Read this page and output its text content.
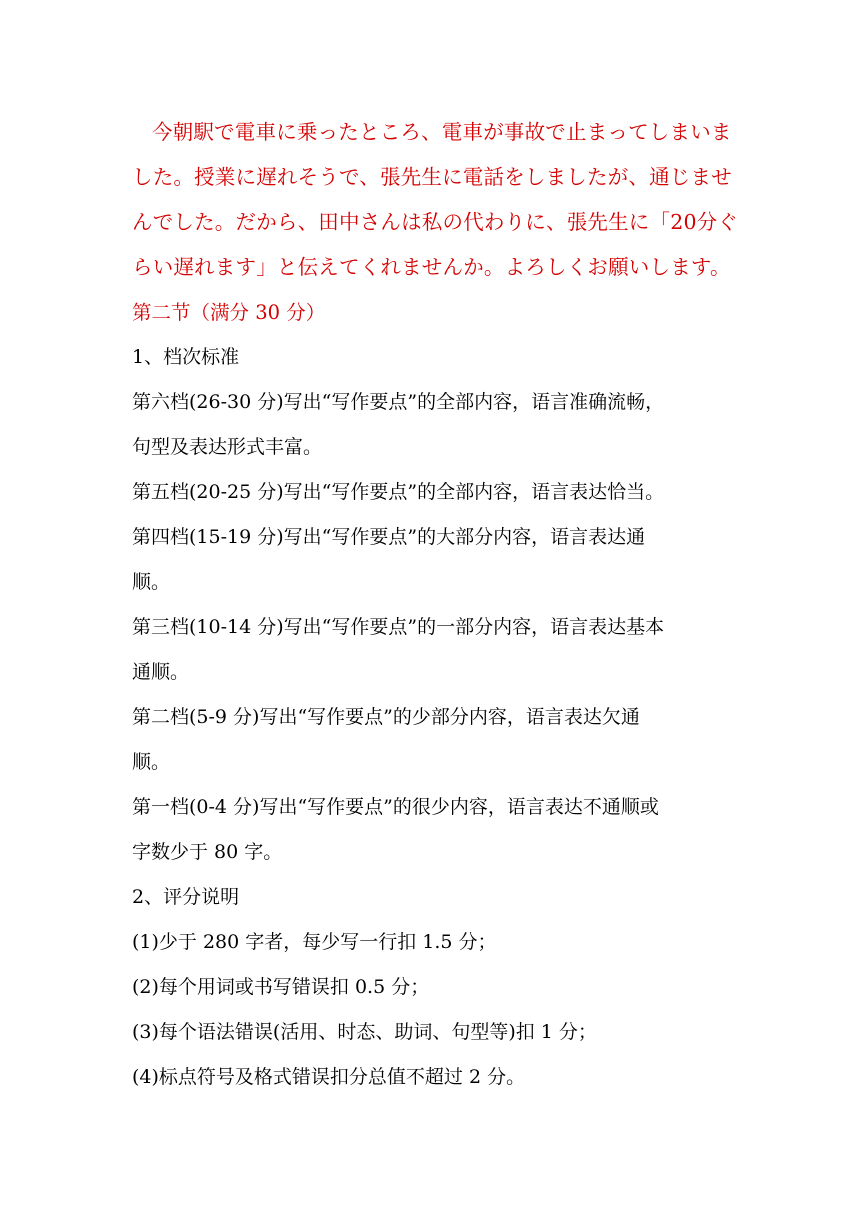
今朝駅で電車に乗ったところ、電車が事故で止まってしまいました。授業に遅れそうで、張先生に電話をしましたが、通じませんでした。だから、田中さんは私の代わりに、張先生に「20分ぐらい遅れます」と伝えてくれませんか。よろしくお願いします。

第二节（满分 30 分）

1、档次标准

第六档(26-30 分)写出“写作要点”的全部内容，语言准确流畅，

句型及表达形式丰富。

第五档(20-25 分)写出“写作要点”的全部内容，语言表达恰当。

第四档(15-19 分)写出“写作要点”的大部分内容，语言表达通

顺。

第三档(10-14 分)写出“写作要点”的一部分内容，语言表达基本

通顺。

第二档(5-9 分)写出“写作要点”的少部分内容，语言表达欠通

顺。

第一档(0-4 分)写出“写作要点”的很少内容，语言表达不通顺或

字数少于 80 字。

2、评分说明

(1)少于 280 字者，每少写一行扣 1.5 分；

(2)每个用词或书写错误扣 0.5 分；

(3)每个语法错误(活用、时态、助词、句型等)扣 1 分；

(4)标点符号及格式错误扣分总值不超过 2 分。
